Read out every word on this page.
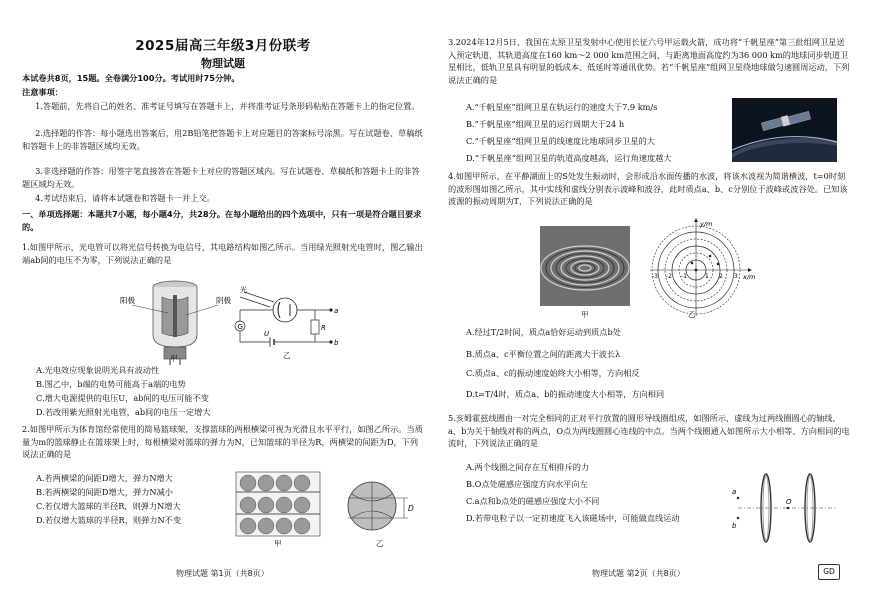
2025届高三年级3月份联考
物理试题
本试卷共8页，15题。全卷满分100分。考试用时75分钟。
注意事项：
1.答题前，先将自己的姓名、准考证号填写在答题卡上，并将准考证号条形码粘贴在答题卡上的指定位置。
2.选择题的作答：每小题选出答案后，用2B铅笔把答题卡上对应题目的答案标号涂黑。写在试题卷、草稿纸和答题卡上的非答题区域均无效。
3.非选择题的作答：用签字笔直接答在答题卡上对应的答题区域内。写在试题卷、草稿纸和答题卡上的非答题区域均无效。
4.考试结束后，请将本试题卷和答题卡一并上交。
一、单项选择题：本题共7小题，每小题4分，共28分。在每小题给出的四个选项中，只有一项是符合题目要求的。
1.如图甲所示，光电管可以将光信号转换为电信号，其电路结构如图乙所示。当用绿光照射光电管时，图乙输出端ab间的电压不为零，下列说法正确的是
阳极	阴极
甲
G	R
a
b
U
光
乙
A.光电效应现象说明光具有波动性
B.图乙中，b端的电势可能高于a端的电势
C.增大电源提供的电压U，ab间的电压可能不变
D.若改用紫光照射光电管，ab间的电压一定增大
2.如图甲所示为体育馆经常使用的简易篮球架，支撑篮球的两根横梁可视为光滑且水平平行，如图乙所示。当质量为m的篮球静止在篮球架上时，每根横梁对篮球的弹力为N，已知篮球的半径为R，两横梁的间距为D，下列说法正确的是
A.若两横梁的间距D增大，弹力N增大
B.若两横梁的间距D增大，弹力N减小
C.若仅增大篮球的半径R，则弹力N增大
D.若仅增大篮球的半径R，则弹力N不变
甲
D
乙
物理试题 第1页（共8页）
3.2024年12月5日，我国在太原卫星发射中心使用长征六号甲运载火箭，成功将“千帆星座”第三批组网卫星送入预定轨道，其轨道高度在160 km～2 000 km范围之间，与距离地面高度约为36 000 km的地球同步轨道卫星相比，低轨卫星具有明显的低成本、低延时等通讯优势。若“千帆星座”组网卫星绕地球做匀速圆周运动，下列说法正确的是
A.“千帆星座”组网卫星在轨运行的速度大于7.9 km/s
B.“千帆星座”组网卫星的运行周期大于24 h
C.“千帆星座”组网卫星的线速度比地球同步卫星的大
D.“千帆星座”组网卫星的轨道高度越高，运行角速度越大
4.如图甲所示，在平静湖面上的S处发生振动时，会形成沿水面传播的水波，将该水波视为简谐横波，t=0时刻的波形图如图乙所示，其中实线和虚线分别表示波峰和波谷，此时质点a、b、c分别位于波峰或波谷处。已知该波源的振动周期为T，下列说法正确的是
甲
y/m
x/m
-3 -2 -1	1 2 3
乙
A.经过T/2时间，质点a恰好运动到质点b处
B.质点a、c平衡位置之间的距离大于波长λ
C.质点a、c的振动速度始终大小相等，方向相反
D.t=T/4时，质点a、b的振动速度大小相等，方向相同
5.亥姆霍兹线圈由一对完全相同的正对平行放置的圆形导线圈组成，如图所示，虚线为过两线圈圆心的轴线，a、b为关于轴线对称的两点，O点为两线圈圆心连线的中点。当两个线圈通入如图所示大小相等、方向相同的电流时，下列说法正确的是
A.两个线圈之间存在互相排斥的力
B.O点处磁感应强度方向水平向左
C.a点和b点处的磁感应强度大小不同
D.若带电粒子以一定初速度飞入该磁场中，可能做直线运动
a
b
O
物理试题 第2页（共8页）	GD
